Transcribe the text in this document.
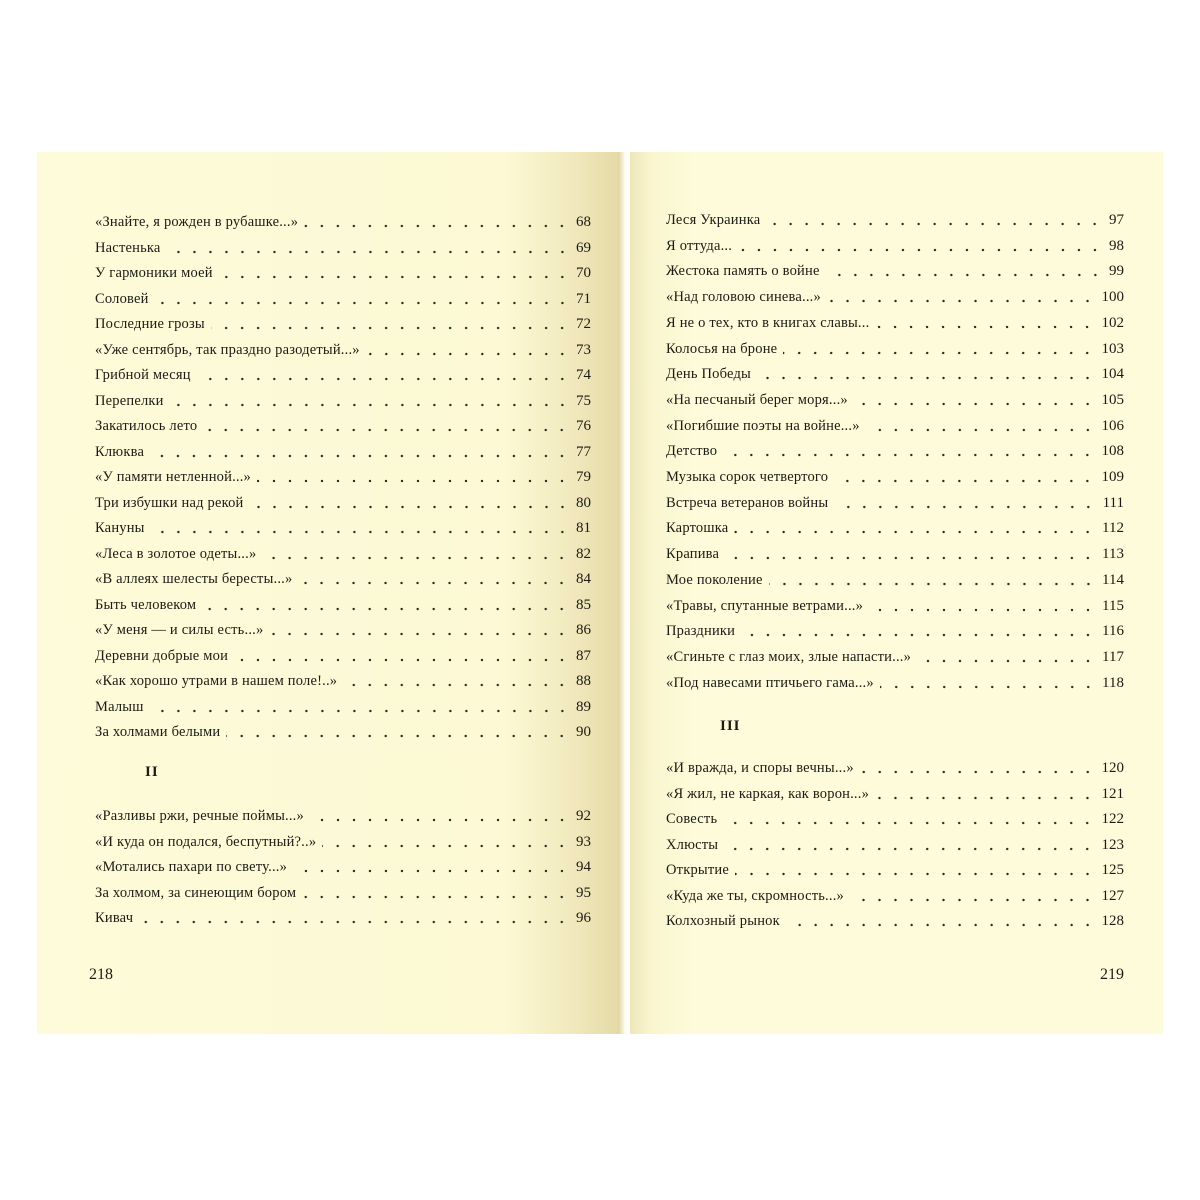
«Знайте, я рожден в рубашке...»	68
Настенька	69
У гармоники моей	70
Соловей	71
Последние грозы	72
«Уже сентябрь, так праздно разодетый...»	73
Грибной месяц	74
Перепелки	75
Закатилось лето	76
Клюква	77
«У памяти нетленной...»	79
Три избушки над рекой	80
Кануны	81
«Леса в золотое одеты...»	82
«В аллеях шелесты бересты...»	84
Быть человеком	85
«У меня — и силы есть...»	86
Деревни добрые мои	87
«Как хорошо утрами в нашем поле!..»	88
Малыш	89
За холмами белыми	90
II
«Разливы ржи, речные поймы...»	92
«И куда он подался, беспутный?..»	93
«Мотались пахари по свету...»	94
За холмом, за синеющим бором	95
Кивач	96
218
Леся Украинка	97
Я оттуда...	98
Жестока память о войне	99
«Над головою синева...»	100
Я не о тех, кто в книгах славы...	102
Колосья на броне	103
День Победы	104
«На песчаный берег моря...»	105
«Погибшие поэты на войне...»	106
Детство	108
Музыка сорок четвертого	109
Встреча ветеранов войны	111
Картошка	112
Крапива	113
Мое поколение	114
«Травы, спутанные ветрами...»	115
Праздники	116
«Сгиньте с глаз моих, злые напасти...»	117
«Под навесами птичьего гама...»	118
III
«И вражда, и споры вечны...»	120
«Я жил, не каркая, как ворон...»	121
Совесть	122
Хлюсты	123
Открытие	125
«Куда же ты, скромность...»	127
Колхозный рынок	128
219
